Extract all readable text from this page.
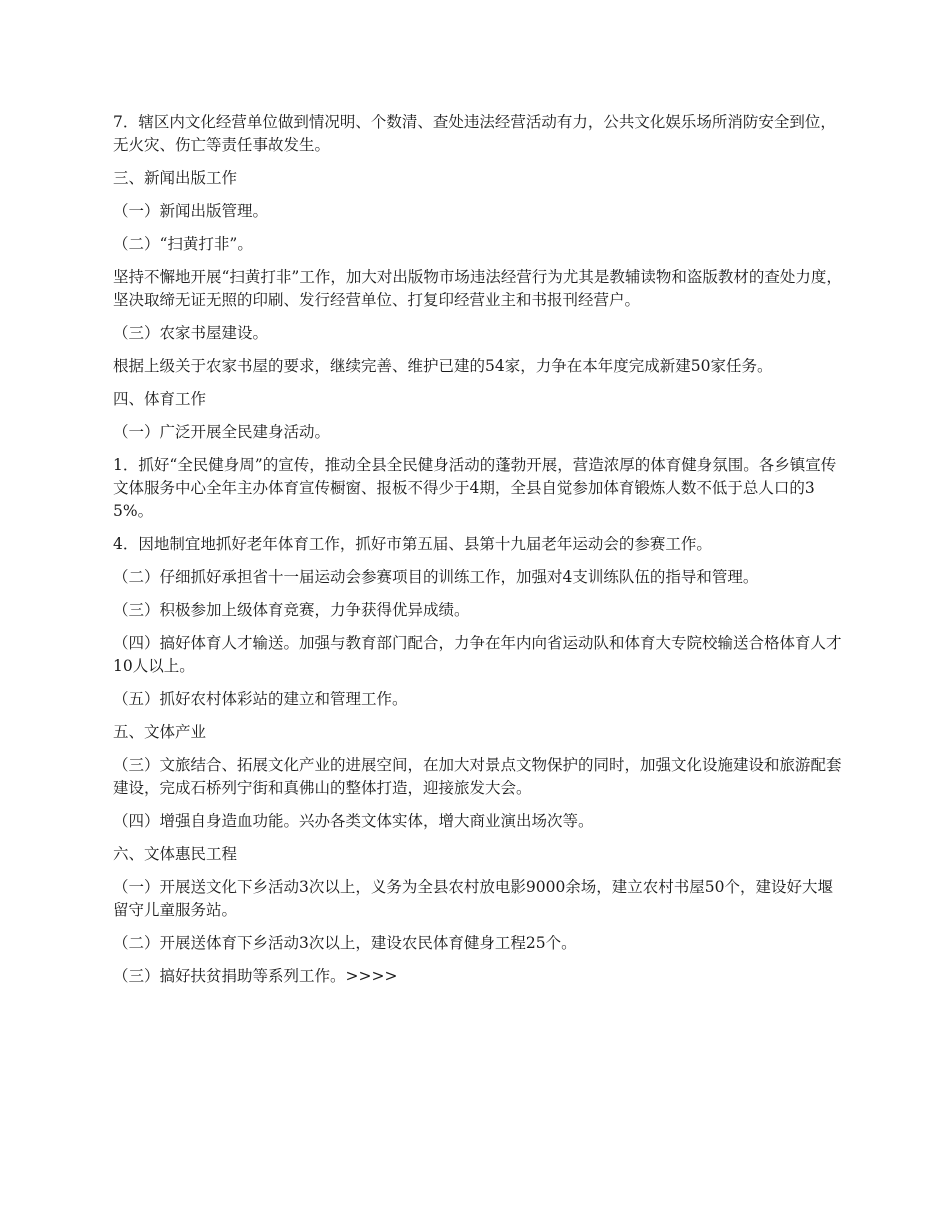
7．辖区内文化经营单位做到情况明、个数清、查处违法经营活动有力，公共文化娱乐场所消防安全到位，无火灾、伤亡等责任事故发生。

三、新闻出版工作

（一）新闻出版管理。

（二）“扫黄打非”。

坚持不懈地开展“扫黄打非”工作，加大对出版物市场违法经营行为尤其是教辅读物和盗版教材的查处力度，坚决取缔无证无照的印刷、发行经营单位、打复印经营业主和书报刊经营户。

（三）农家书屋建设。

根据上级关于农家书屋的要求，继续完善、维护已建的54家，力争在本年度完成新建50家任务。

四、体育工作

（一）广泛开展全民建身活动。

1．抓好“全民健身周”的宣传，推动全县全民健身活动的蓬勃开展，营造浓厚的体育健身氛围。各乡镇宣传文体服务中心全年主办体育宣传橱窗、报板不得少于4期，全县自觉参加体育锻炼人数不低于总人口的35%。

4．因地制宜地抓好老年体育工作，抓好市第五届、县第十九届老年运动会的参赛工作。

（二）仔细抓好承担省十一届运动会参赛项目的训练工作，加强对4支训练队伍的指导和管理。

（三）积极参加上级体育竞赛，力争获得优异成绩。

（四）搞好体育人才输送。加强与教育部门配合，力争在年内向省运动队和体育大专院校输送合格体育人才10人以上。

（五）抓好农村体彩站的建立和管理工作。

五、文体产业

（三）文旅结合、拓展文化产业的进展空间，在加大对景点文物保护的同时，加强文化设施建设和旅游配套建设，完成石桥列宁街和真佛山的整体打造，迎接旅发大会。

（四）增强自身造血功能。兴办各类文体实体，增大商业演出场次等。

六、文体惠民工程

（一）开展送文化下乡活动3次以上，义务为全县农村放电影9000余场，建立农村书屋50个，建设好大堰留守儿童服务站。

（二）开展送体育下乡活动3次以上，建设农民体育健身工程25个。

（三）搞好扶贫捐助等系列工作。>>>>
